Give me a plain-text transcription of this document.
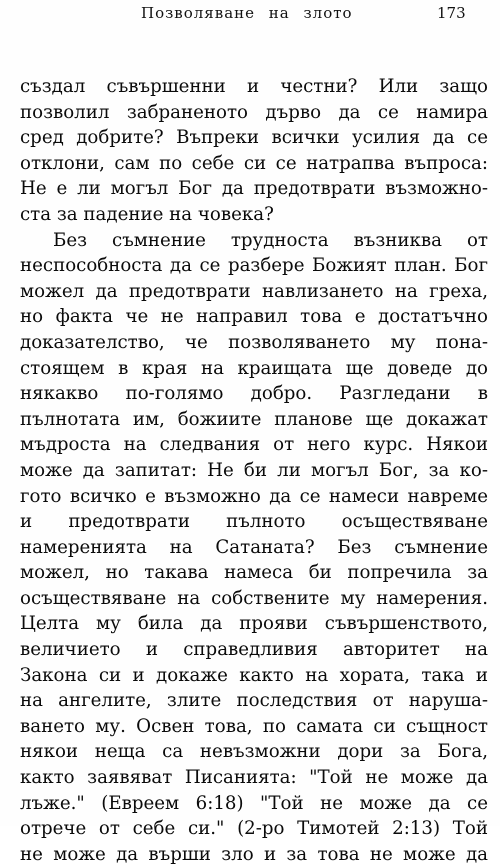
Позволяване на злото	173
създал съвършенни и честни? Или защо
позволил забраненото дърво да се намира
сред добрите? Въпреки всички усилия да се
отклони, сам по себе си се натрапва въпроса:
Не е ли могъл Бог да предотврати възможно-
ста за падение на човека?
Без съмнение трудноста възниква от
неспособноста да се разбере Божият план. Бог
можел да предотврати навлизането на греха,
но факта че не направил това е достатъчно
доказателство, че позволяването му пона-
стоящем в края на краищата ще доведе до
някакво по-голямо добро. Разгледани в
пълнотата им, божиите планове ще докажат
мъдроста на следвания от него курс. Някои
може да запитат: Не би ли могъл Бог, за ко-
гото всичко е възможно да се намеси навреме
и предотврати пълното осъществяване
намеренията на Сатаната? Без съмнение
можел, но такава намеса би попречила за
осъществяване на собствените му намерения.
Целта му била да прояви съвършенството,
величието и справедливия авторитет на
Закона си и докаже както на хората, така и
на ангелите, злите последствия от наруша-
ването му. Освен това, по самата си същност
някои неща са невъзможни дори за Бога,
както заявяват Писанията: "Той не може да
лъже." (Евреем 6:18) "Той не може да се
отрече от себе си." (2-ро Тимотей 2:13) Той
не може да върши зло и за това не може да
